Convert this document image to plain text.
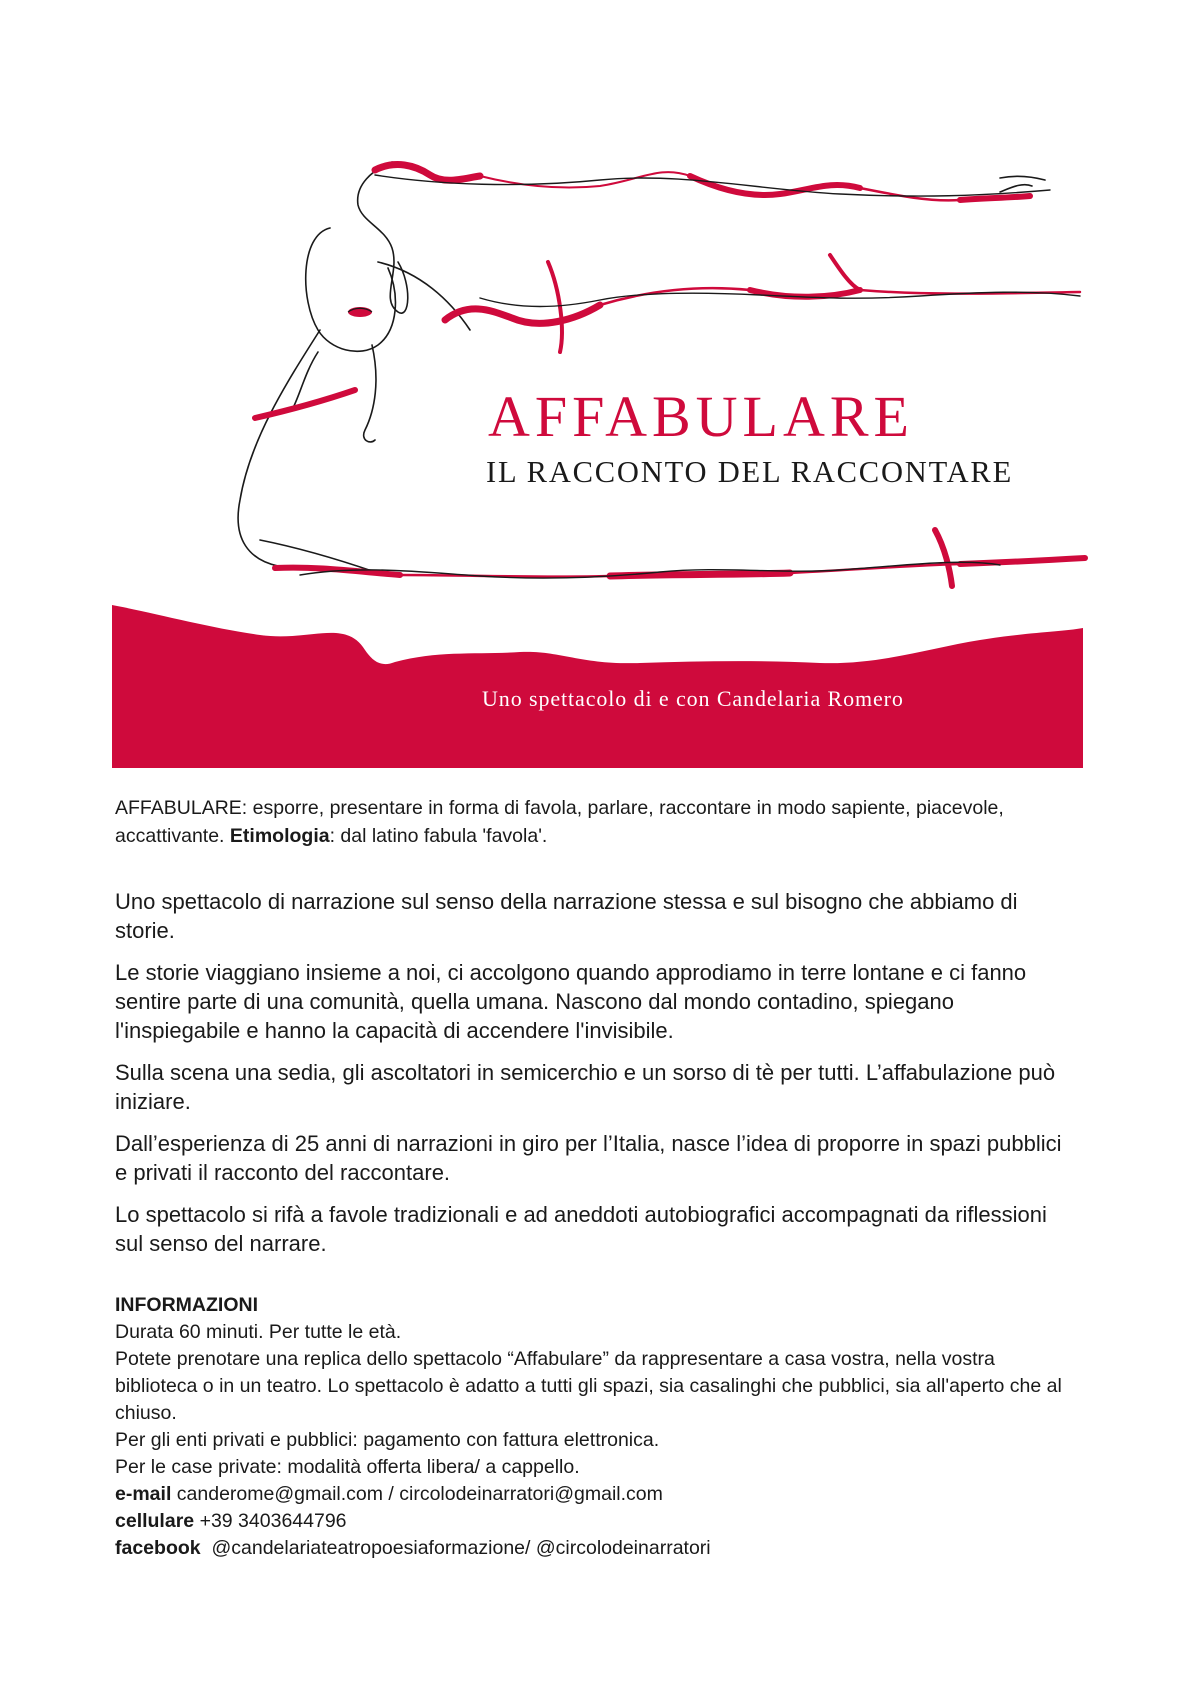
AFFABULARE
IL RACCONTO DEL RACCONTARE
Uno spettacolo di e con Candelaria Romero
AFFABULARE: esporre, presentare in forma di favola, parlare, raccontare in modo sapiente, piacevole, accattivante. Etimologia: dal latino fabula 'favola'.

Uno spettacolo di narrazione sul senso della narrazione stessa e sul bisogno che abbiamo di storie.

Le storie viaggiano insieme a noi, ci accolgono quando approdiamo in terre lontane e ci fanno sentire parte di una comunità, quella umana. Nascono dal mondo contadino, spiegano l'inspiegabile e hanno la capacità di accendere l'invisibile.

Sulla scena una sedia, gli ascoltatori in semicerchio e un sorso di tè per tutti. L’affabulazione può iniziare.

Dall’esperienza di 25 anni di narrazioni in giro per l’Italia, nasce l’idea di proporre in spazi pubblici e privati il racconto del raccontare.

Lo spettacolo si rifà a favole tradizionali e ad aneddoti autobiografici accompagnati da riflessioni sul senso del narrare.

INFORMAZIONI

Durata 60 minuti. Per tutte le età.

Potete prenotare una replica dello spettacolo “Affabulare” da rappresentare a casa vostra, nella vostra biblioteca o in un teatro. Lo spettacolo è adatto a tutti gli spazi, sia casalinghi che pubblici, sia all'aperto che al chiuso.

Per gli enti privati e pubblici: pagamento con fattura elettronica.

Per le case private: modalità offerta libera/ a cappello.

e-mail canderome@gmail.com / circolodeinarratori@gmail.com

cellulare +39 3403644796

facebook @candelariateatropoesiaformazione/ @circolodeinarratori
